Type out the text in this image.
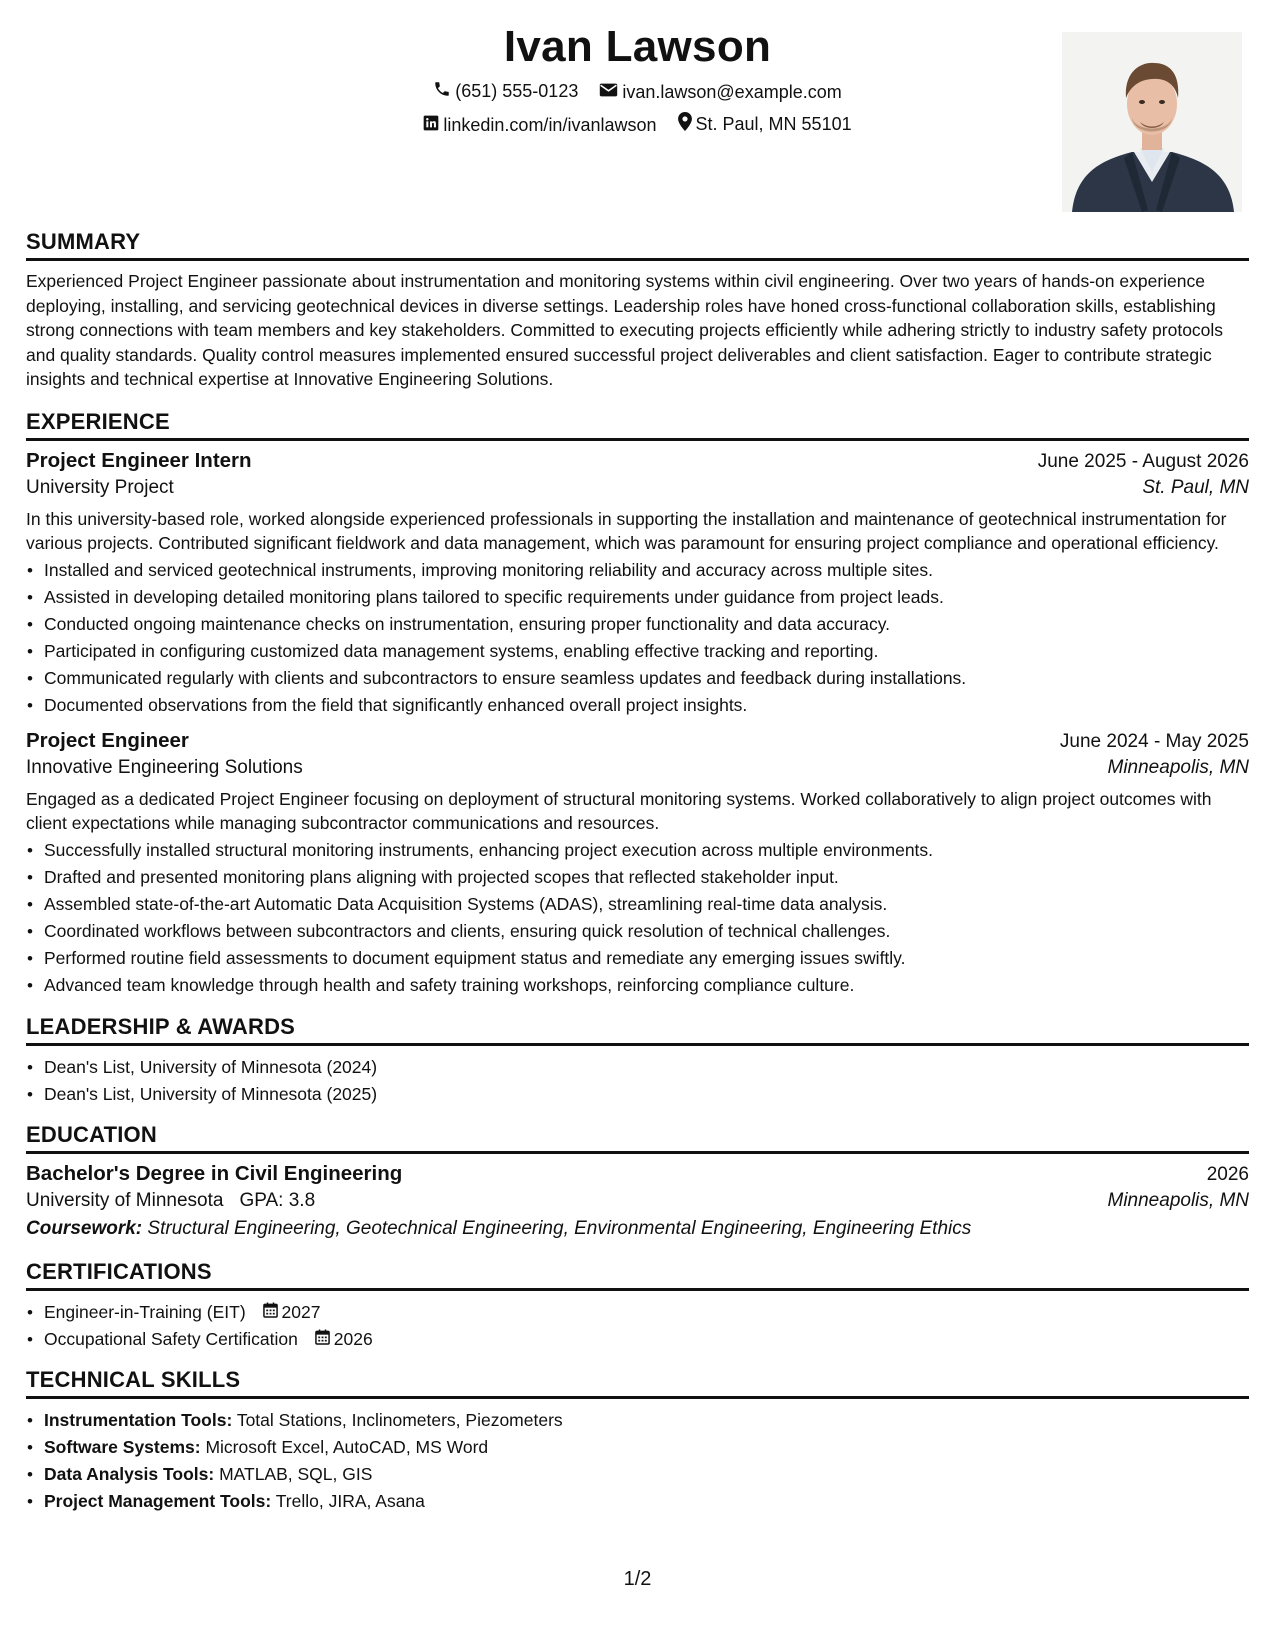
Ivan Lawson
(651) 555-0123
ivan.lawson@example.com
linkedin.com/in/ivanlawson
St. Paul, MN 55101
SUMMARY
Experienced Project Engineer passionate about instrumentation and monitoring systems within civil engineering. Over two years of hands-on experience deploying, installing, and servicing geotechnical devices in diverse settings. Leadership roles have honed cross-functional collaboration skills, establishing strong connections with team members and key stakeholders. Committed to executing projects efficiently while adhering strictly to industry safety protocols and quality standards. Quality control measures implemented ensured successful project deliverables and client satisfaction. Eager to contribute strategic insights and technical expertise at Innovative Engineering Solutions.
EXPERIENCE
Project Engineer Intern	June 2025 - August 2026
University Project	St. Paul, MN
In this university-based role, worked alongside experienced professionals in supporting the installation and maintenance of geotechnical instrumentation for various projects. Contributed significant fieldwork and data management, which was paramount for ensuring project compliance and operational efficiency.
• Installed and serviced geotechnical instruments, improving monitoring reliability and accuracy across multiple sites.
• Assisted in developing detailed monitoring plans tailored to specific requirements under guidance from project leads.
• Conducted ongoing maintenance checks on instrumentation, ensuring proper functionality and data accuracy.
• Participated in configuring customized data management systems, enabling effective tracking and reporting.
• Communicated regularly with clients and subcontractors to ensure seamless updates and feedback during installations.
• Documented observations from the field that significantly enhanced overall project insights.
Project Engineer	June 2024 - May 2025
Innovative Engineering Solutions	Minneapolis, MN
Engaged as a dedicated Project Engineer focusing on deployment of structural monitoring systems. Worked collaboratively to align project outcomes with client expectations while managing subcontractor communications and resources.
• Successfully installed structural monitoring instruments, enhancing project execution across multiple environments.
• Drafted and presented monitoring plans aligning with projected scopes that reflected stakeholder input.
• Assembled state-of-the-art Automatic Data Acquisition Systems (ADAS), streamlining real-time data analysis.
• Coordinated workflows between subcontractors and clients, ensuring quick resolution of technical challenges.
• Performed routine field assessments to document equipment status and remediate any emerging issues swiftly.
• Advanced team knowledge through health and safety training workshops, reinforcing compliance culture.
LEADERSHIP & AWARDS
• Dean's List, University of Minnesota (2024)
• Dean's List, University of Minnesota (2025)
EDUCATION
Bachelor's Degree in Civil Engineering	2026
University of Minnesota GPA: 3.8	Minneapolis, MN
Coursework: Structural Engineering, Geotechnical Engineering, Environmental Engineering, Engineering Ethics
CERTIFICATIONS
• Engineer-in-Training (EIT) 2027
• Occupational Safety Certification 2026
TECHNICAL SKILLS
• Instrumentation Tools: Total Stations, Inclinometers, Piezometers
• Software Systems: Microsoft Excel, AutoCAD, MS Word
• Data Analysis Tools: MATLAB, SQL, GIS
• Project Management Tools: Trello, JIRA, Asana
1/2
